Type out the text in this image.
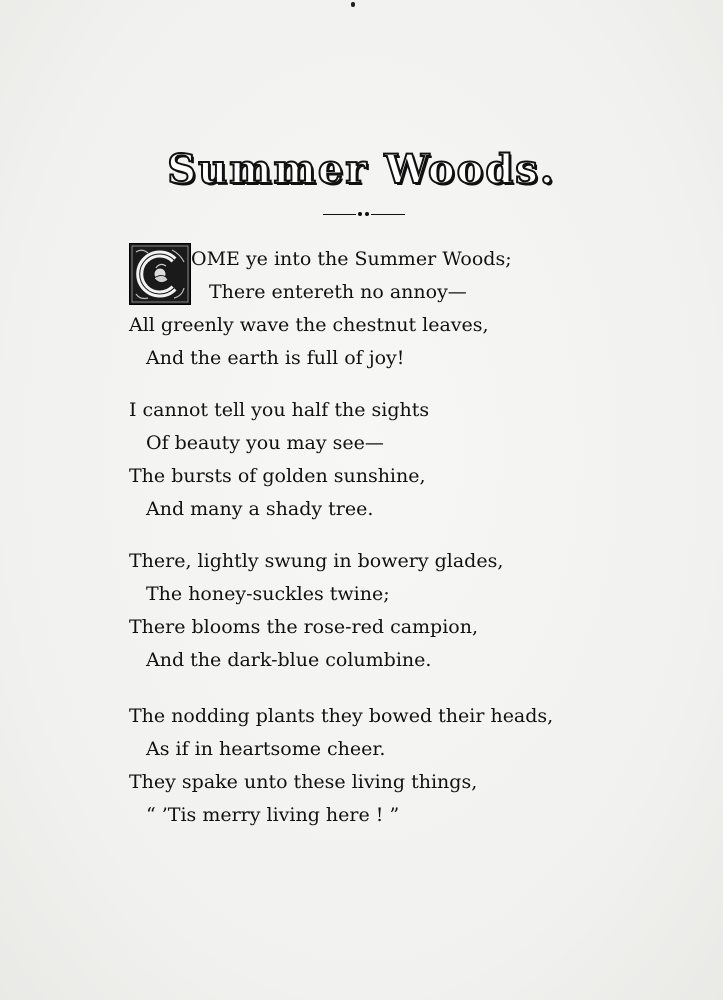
Summer Woods.
OME ye into the Summer Woods;
There entereth no annoy—
All greenly wave the chestnut leaves,
And the earth is full of joy!
I cannot tell you half the sights
Of beauty you may see—
The bursts of golden sunshine,
And many a shady tree.
There, lightly swung in bowery glades,
The honey-suckles twine;
There blooms the rose-red campion,
And the dark-blue columbine.
The nodding plants they bowed their heads,
As if in heartsome cheer.
They spake unto these living things,
“ ’Tis merry living here ! ”
